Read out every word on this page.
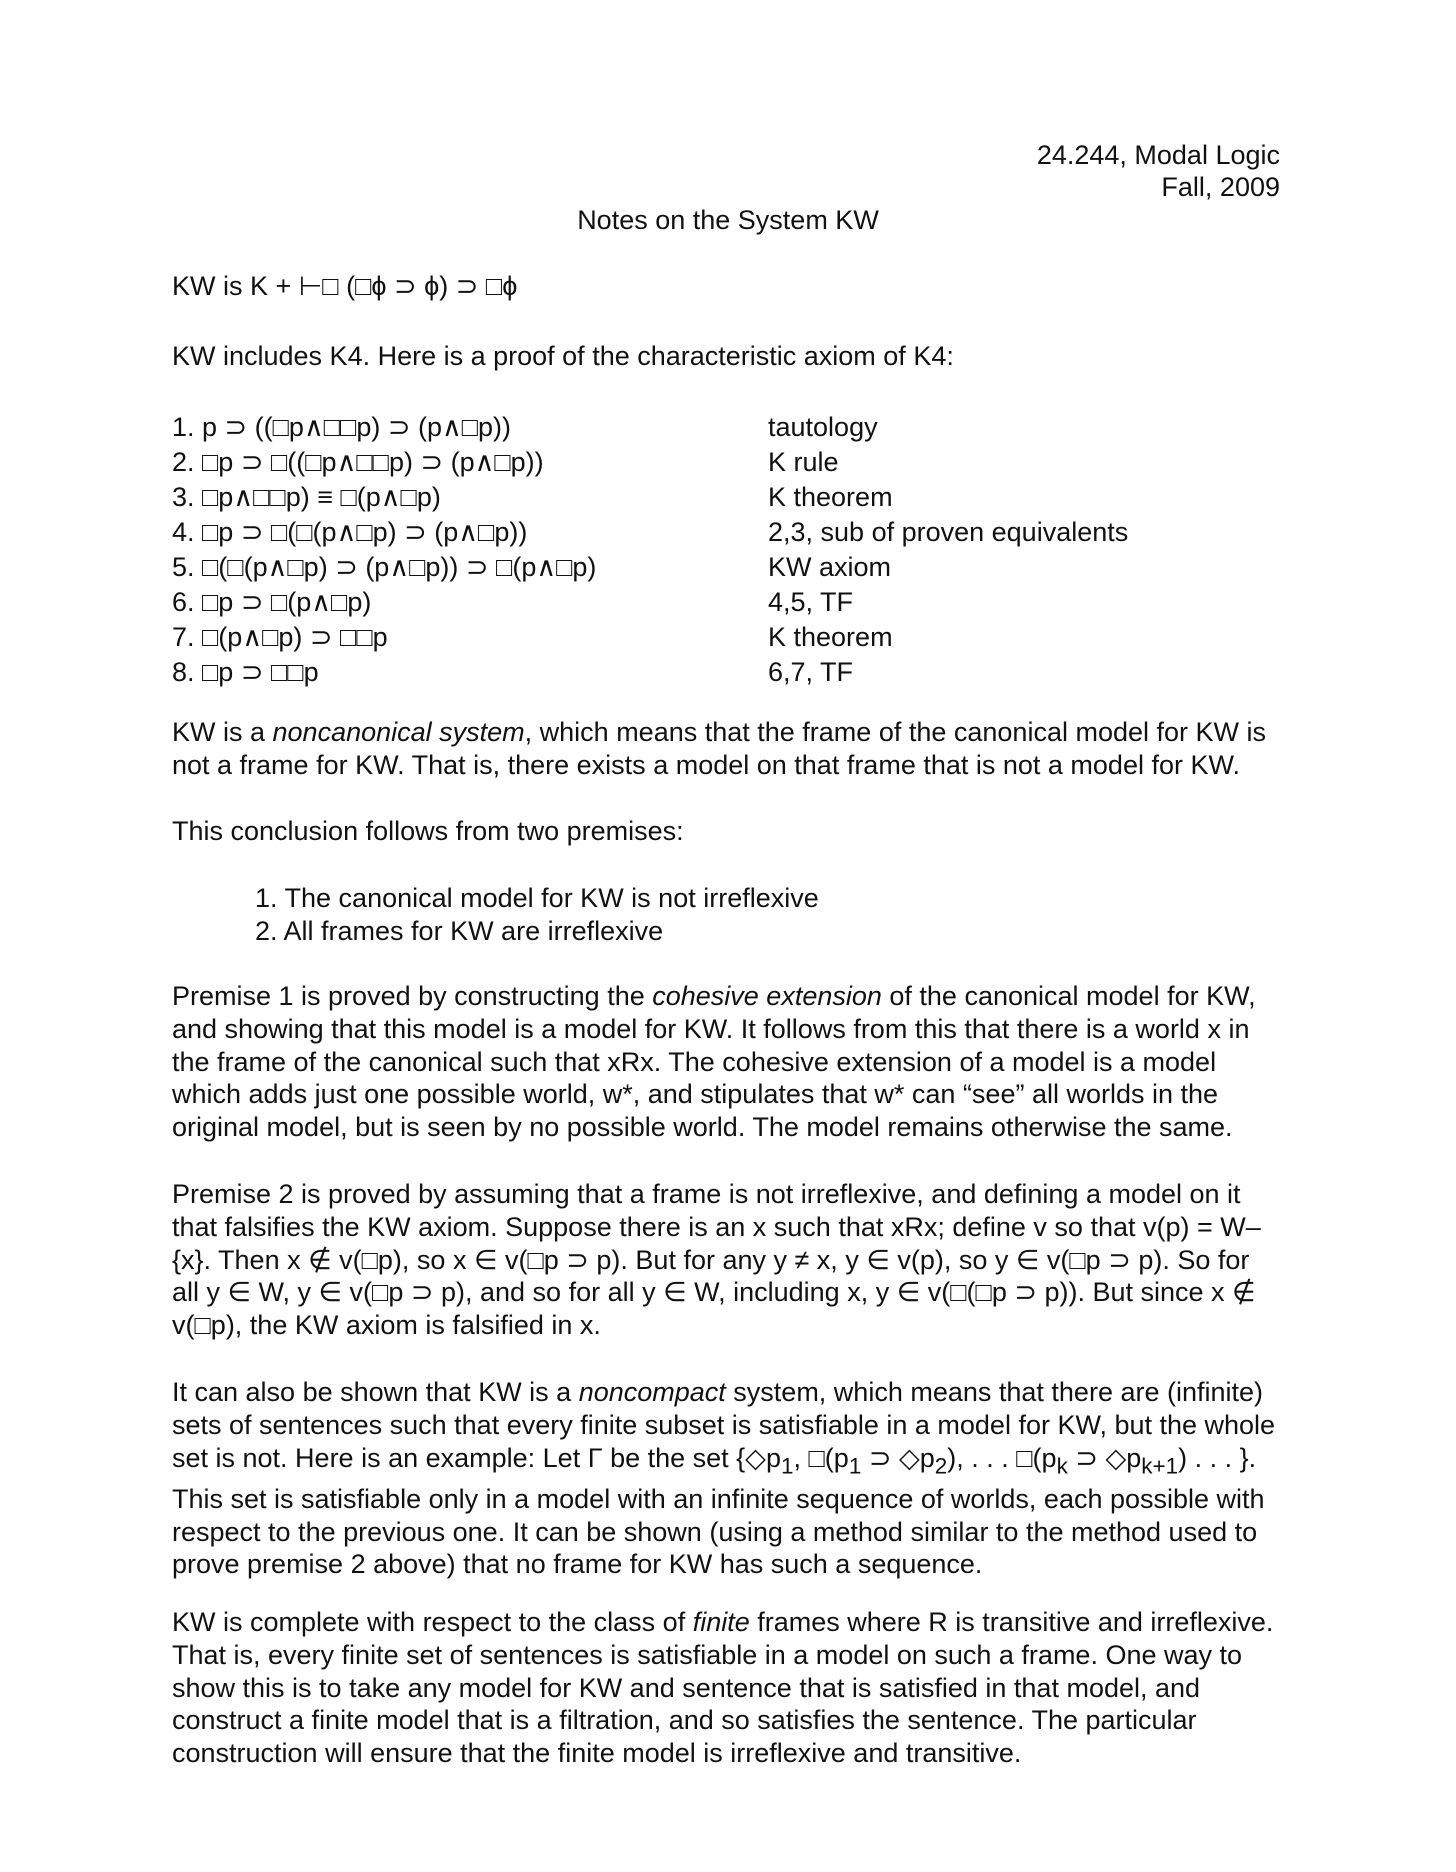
24.244, Modal Logic
Fall, 2009
Notes on the System KW

KW is K + ⊢□ (□ϕ ⊃ ϕ) ⊃ □ϕ

KW includes K4. Here is a proof of the characteristic axiom of K4:

1. p ⊃ ((□p∧□□p) ⊃ (p∧□p))	tautology
2. □p ⊃ □((□p∧□□p) ⊃ (p∧□p))	K rule
3. □p∧□□p) ≡ □(p∧□p)	K theorem
4. □p ⊃ □(□(p∧□p) ⊃ (p∧□p))	2,3, sub of proven equivalents
5. □(□(p∧□p) ⊃ (p∧□p)) ⊃ □(p∧□p)	KW axiom
6. □p ⊃ □(p∧□p)	4,5, TF
7. □(p∧□p) ⊃ □□p	K theorem
8. □p ⊃ □□p	6,7, TF

KW is a noncanonical system, which means that the frame of the canonical model for KW is not a frame for KW. That is, there exists a model on that frame that is not a model for KW.

This conclusion follows from two premises:

1. The canonical model for KW is not irreflexive
2. All frames for KW are irreflexive

Premise 1 is proved by constructing the cohesive extension of the canonical model for KW, and showing that this model is a model for KW. It follows from this that there is a world x in the frame of the canonical such that xRx. The cohesive extension of a model is a model which adds just one possible world, w*, and stipulates that w* can “see” all worlds in the original model, but is seen by no possible world. The model remains otherwise the same.

Premise 2 is proved by assuming that a frame is not irreflexive, and defining a model on it that falsifies the KW axiom. Suppose there is an x such that xRx; define v so that v(p) = W–{x}. Then x ∉ v(□p), so x ∈ v(□p ⊃ p). But for any y ≠ x, y ∈ v(p), so y ∈ v(□p ⊃ p). So for all y ∈ W, y ∈ v(□p ⊃ p), and so for all y ∈ W, including x, y ∈ v(□(□p ⊃ p)). But since x ∉ v(□p), the KW axiom is falsified in x.

It can also be shown that KW is a noncompact system, which means that there are (infinite) sets of sentences such that every finite subset is satisfiable in a model for KW, but the whole set is not. Here is an example: Let Γ be the set {$◇p_1$, $□(p_1$ ⊃ $◇p_2$), . . . $□(p_k$ ⊃ $◇p_{k+1}$) . . . }. This set is satisfiable only in a model with an infinite sequence of worlds, each possible with respect to the previous one. It can be shown (using a method similar to the method used to prove premise 2 above) that no frame for KW has such a sequence.

KW is complete with respect to the class of finite frames where R is transitive and irreflexive. That is, every finite set of sentences is satisfiable in a model on such a frame. One way to show this is to take any model for KW and sentence that is satisfied in that model, and construct a finite model that is a filtration, and so satisfies the sentence. The particular construction will ensure that the finite model is irreflexive and transitive.
